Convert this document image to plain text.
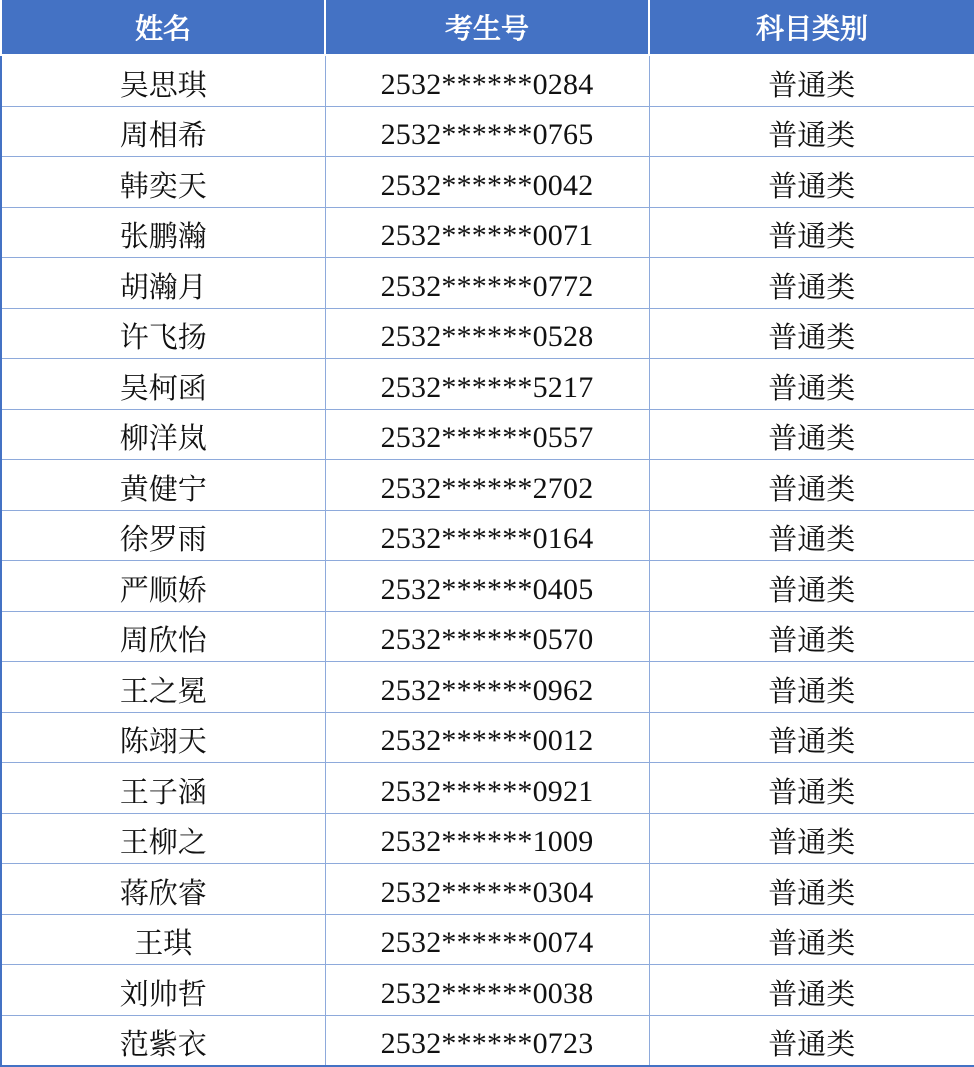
姓名	考生号	科目类别
吴思琪	2532******0284	普通类
周相希	2532******0765	普通类
韩奕天	2532******0042	普通类
张鹏瀚	2532******0071	普通类
胡瀚月	2532******0772	普通类
许飞扬	2532******0528	普通类
吴柯函	2532******5217	普通类
柳洋岚	2532******0557	普通类
黄健宁	2532******2702	普通类
徐罗雨	2532******0164	普通类
严顺娇	2532******0405	普通类
周欣怡	2532******0570	普通类
王之冕	2532******0962	普通类
陈翊天	2532******0012	普通类
王子涵	2532******0921	普通类
王柳之	2532******1009	普通类
蒋欣睿	2532******0304	普通类
王琪	2532******0074	普通类
刘帅哲	2532******0038	普通类
范紫衣	2532******0723	普通类
